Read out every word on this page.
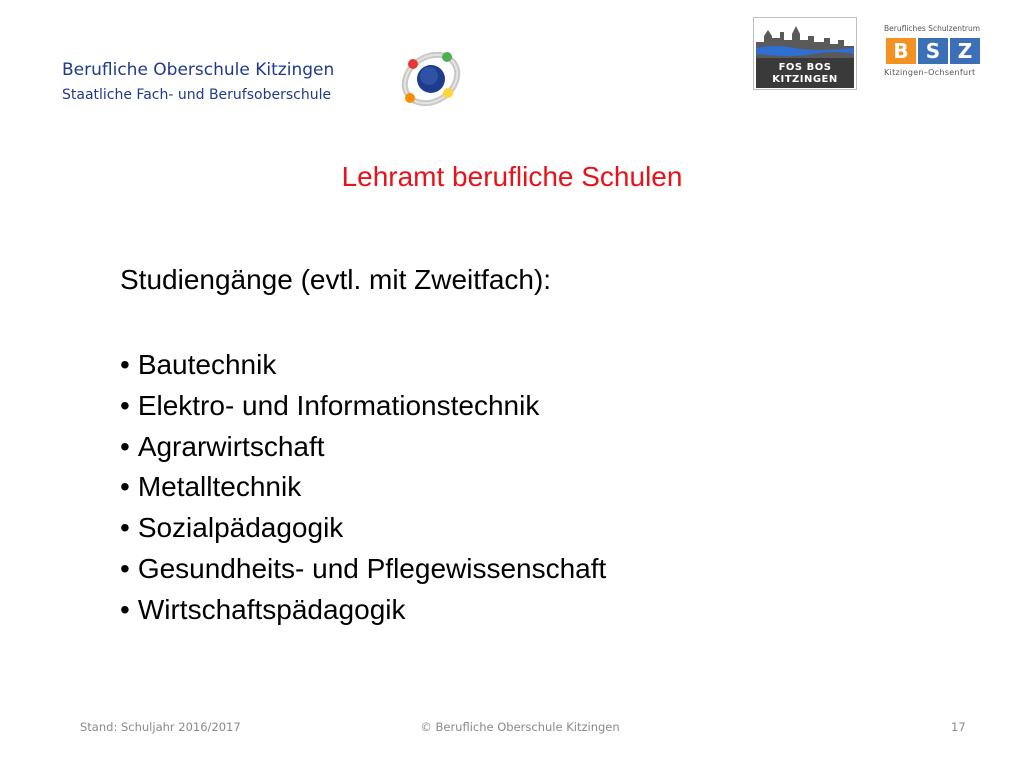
Berufliche Oberschule Kitzingen
Staatliche Fach- und Berufsoberschule
FOS BOS
KITZINGEN
Berufliches Schulzentrum
B S Z
Kitzingen–Ochsenfurt
Lehramt berufliche Schulen
Studiengänge (evtl. mit Zweitfach):
• Bautechnik
• Elektro- und Informationstechnik
• Agrarwirtschaft
• Metalltechnik
• Sozialpädagogik
• Gesundheits- und Pflegewissenschaft
• Wirtschaftspädagogik
Stand: Schuljahr 2016/2017	© Berufliche Oberschule Kitzingen	17
